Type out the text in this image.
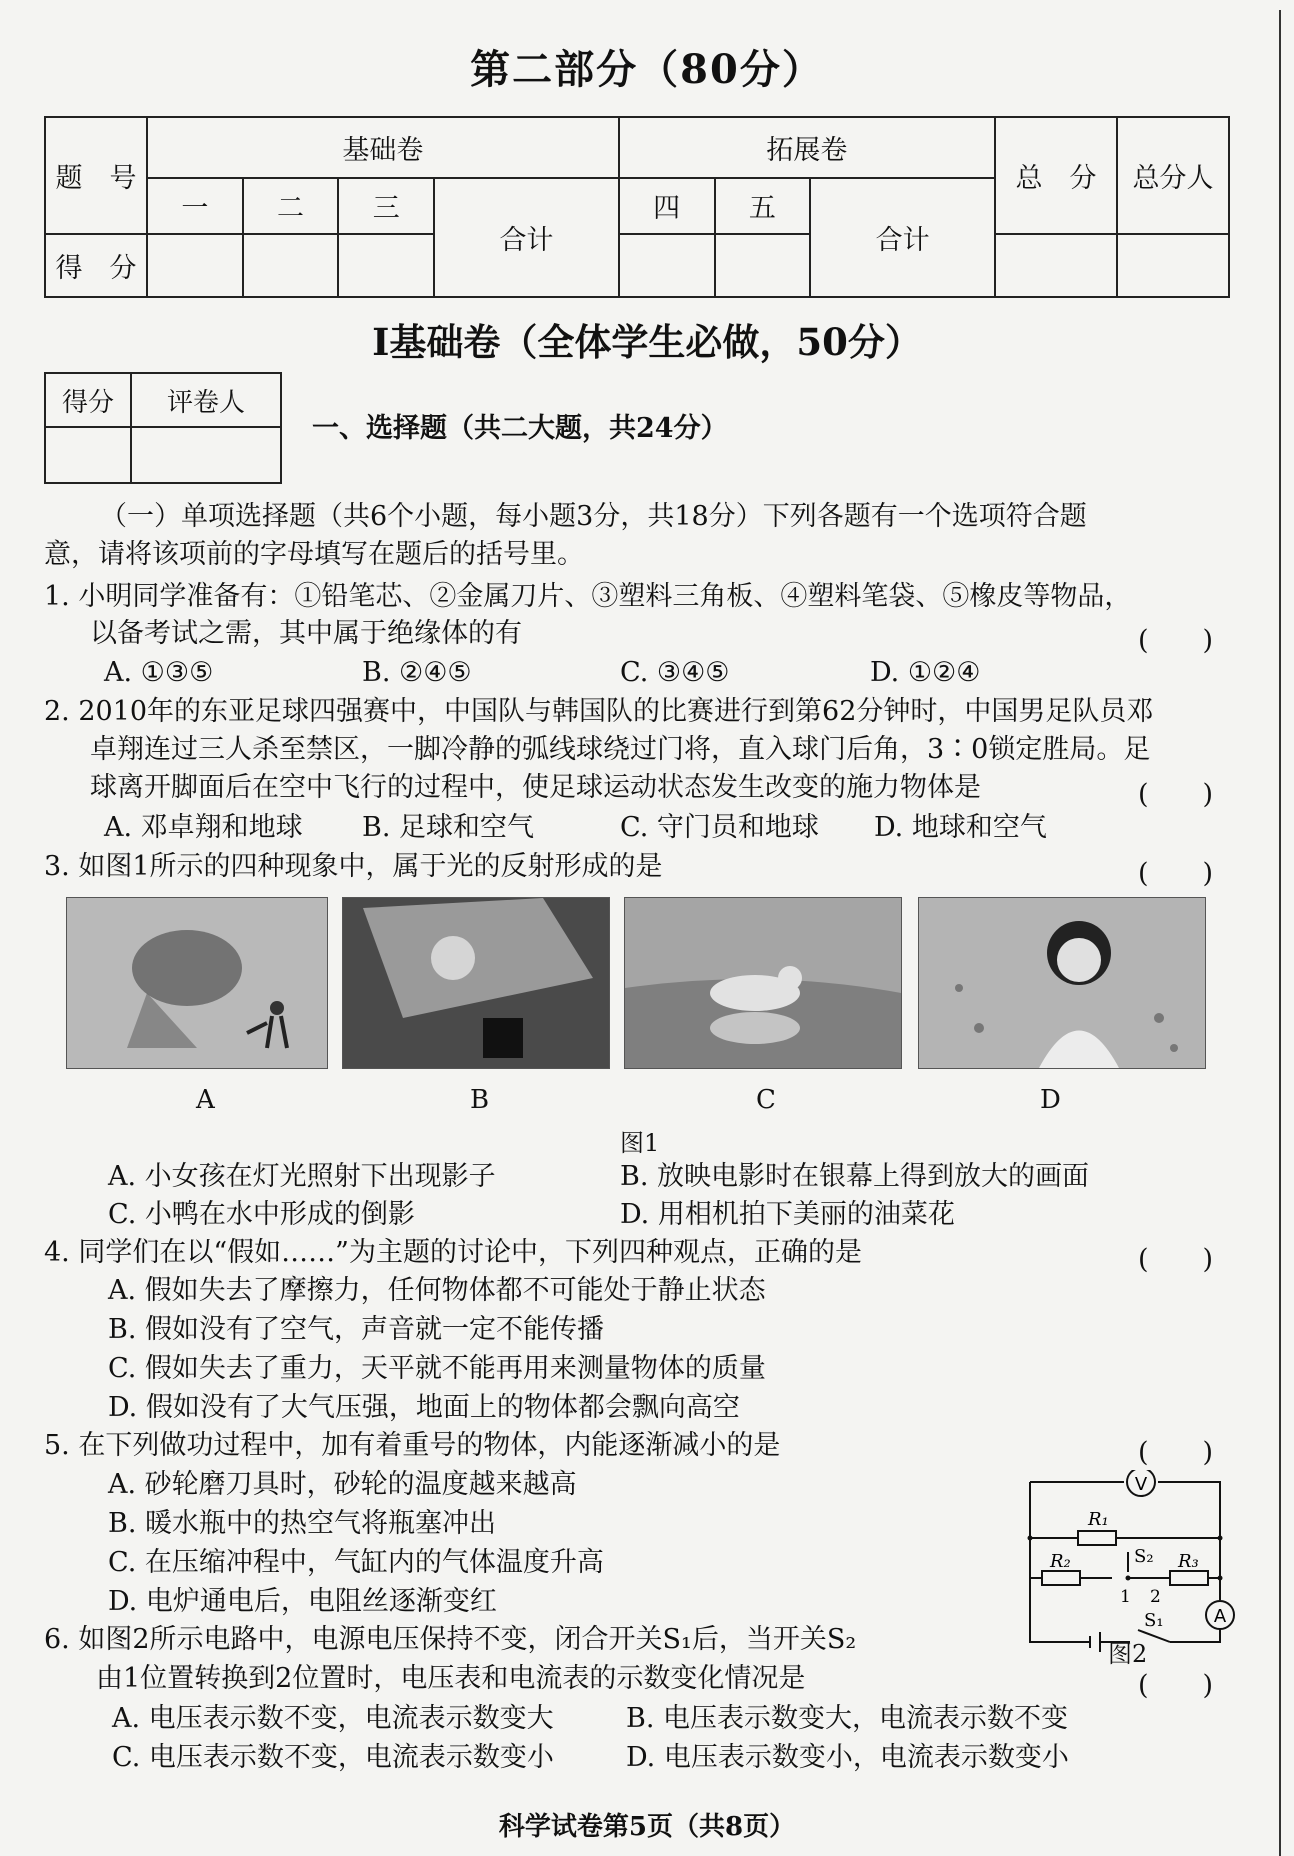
第二部分（80分）
题　号	基础卷				拓展卷			总　分	总分人
	一	二	三	合计	四	五	合计		
得　分									
Ⅰ基础卷（全体学生必做，50分）
得分	评卷人

一、选择题（共二大题，共24分）
（一）单项选择题（共6个小题，每小题3分，共18分）下列各题有一个选项符合题
意，请将该项前的字母填写在题后的括号里。
1. 小明同学准备有：①铅笔芯、②金属刀片、③塑料三角板、④塑料笔袋、⑤橡皮等物品，
以备考试之需，其中属于绝缘体的有	(　　)
A. ①③⑤	B. ②④⑤	C. ③④⑤	D. ①②④
2. 2010年的东亚足球四强赛中，中国队与韩国队的比赛进行到第62分钟时，中国男足队员邓
卓翔连过三人杀至禁区，一脚冷静的弧线球绕过门将，直入球门后角，3∶0锁定胜局。足
球离开脚面后在空中飞行的过程中，使足球运动状态发生改变的施力物体是	(　　)
A. 邓卓翔和地球 B. 足球和空气	C. 守门员和地球 D. 地球和空气
3. 如图1所示的四种现象中，属于光的反射形成的是	(　　)
A	B	C	D
图1
A. 小女孩在灯光照射下出现影子	B. 放映电影时在银幕上得到放大的画面
C. 小鸭在水中形成的倒影	D. 用相机拍下美丽的油菜花
4. 同学们在以“假如……”为主题的讨论中，下列四种观点，正确的是	(　　)
A. 假如失去了摩擦力，任何物体都不可能处于静止状态
B. 假如没有了空气，声音就一定不能传播
C. 假如失去了重力，天平就不能再用来测量物体的质量
D. 假如没有了大气压强，地面上的物体都会飘向高空
5. 在下列做功过程中，加有着重号的物体，内能逐渐减小的是	(　　)
A. 砂轮磨刀具时，砂轮的温度越来越高
B. 暖水瓶中的热空气将瓶塞冲出
C. 在压缩冲程中，气缸内的气体温度升高
D. 电炉通电后，电阻丝逐渐变红
V
A
R₁
R₂	R₃
S₂
1 2
S₁
图2
6. 如图2所示电路中，电源电压保持不变，闭合开关S₁后，当开关S₂
由1位置转换到2位置时，电压表和电流表的示数变化情况是	(　　)
A. 电压表示数不变，电流表示数变大	B. 电压表示数变大，电流表示数不变
C. 电压表示数不变，电流表示数变小	D. 电压表示数变小，电流表示数变小
科学试卷第5页（共8页）
